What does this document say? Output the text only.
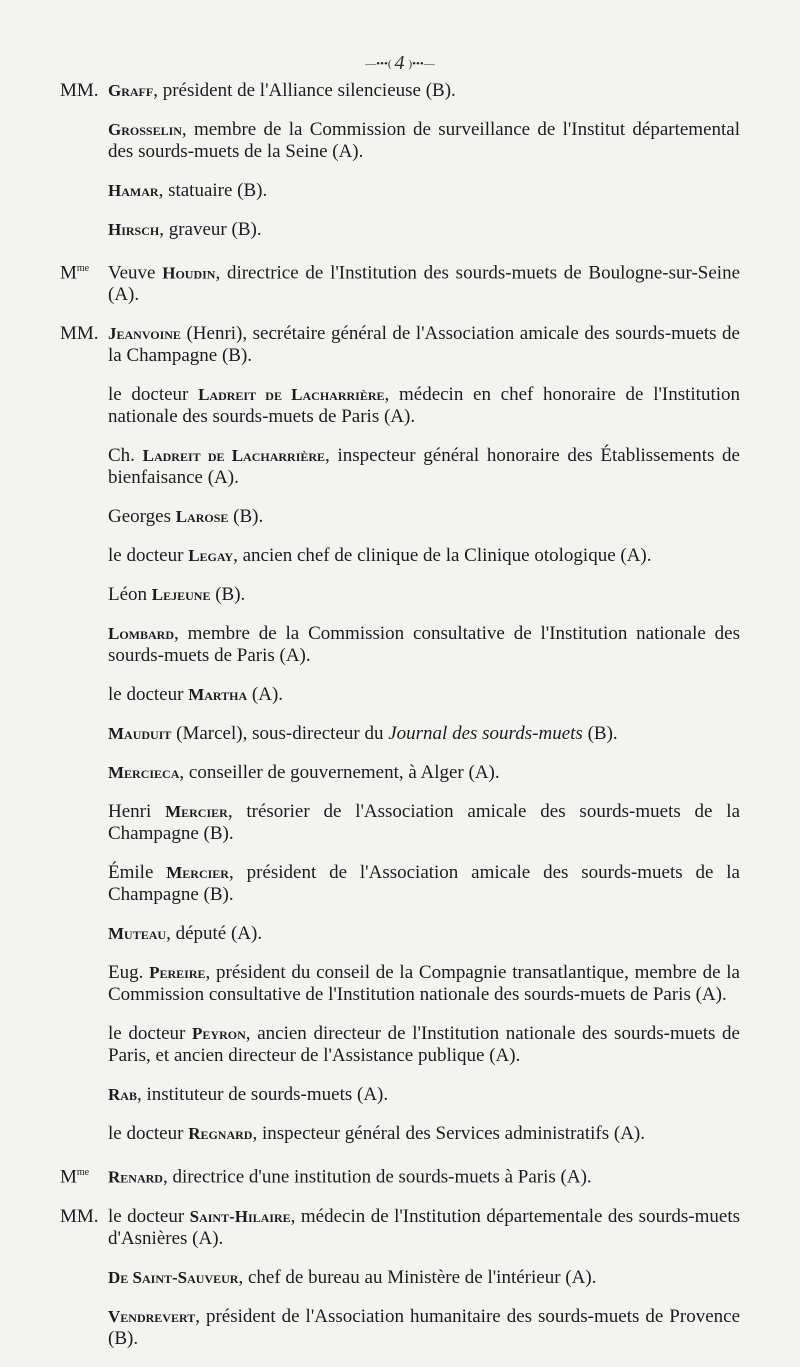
—•••( 4 )•••—
MM. Graff, président de l'Alliance silencieuse (B).
Grosselin, membre de la Commission de surveillance de l'Institut départemental des sourds-muets de la Seine (A).
Hamar, statuaire (B).
Hirsch, graveur (B).
$M^{me}$ Veuve Houdin, directrice de l'Institution des sourds-muets de Boulogne-sur-Seine (A).
MM. Jeanvoine (Henri), secrétaire général de l'Association amicale des sourds-muets de la Champagne (B).
le docteur Ladreit de Lacharrière, médecin en chef honoraire de l'Institution nationale des sourds-muets de Paris (A).
Ch. Ladreit de Lacharrière, inspecteur général honoraire des Établissements de bienfaisance (A).
Georges Larose (B).
le docteur Legay, ancien chef de clinique de la Clinique otologique (A).
Léon Lejeune (B).
Lombard, membre de la Commission consultative de l'Institution nationale des sourds-muets de Paris (A).
le docteur Martha (A).
Mauduit (Marcel), sous-directeur du Journal des sourds-muets (B).
Mercieca, conseiller de gouvernement, à Alger (A).
Henri Mercier, trésorier de l'Association amicale des sourds-muets de la Champagne (B).
Émile Mercier, président de l'Association amicale des sourds-muets de la Champagne (B).
Muteau, député (A).
Eug. Pereire, président du conseil de la Compagnie transatlantique, membre de la Commission consultative de l'Institution nationale des sourds-muets de Paris (A).
le docteur Peyron, ancien directeur de l'Institution nationale des sourds-muets de Paris, et ancien directeur de l'Assistance publique (A).
Rab, instituteur de sourds-muets (A).
le docteur Regnard, inspecteur général des Services administratifs (A).
$M^{me}$ Renard, directrice d'une institution de sourds-muets à Paris (A).
MM. le docteur Saint-Hilaire, médecin de l'Institution départementale des sourds-muets d'Asnières (A).
De Saint-Sauveur, chef de bureau au Ministère de l'intérieur (A).
Vendrevert, président de l'Association humanitaire des sourds-muets de Provence (B).
